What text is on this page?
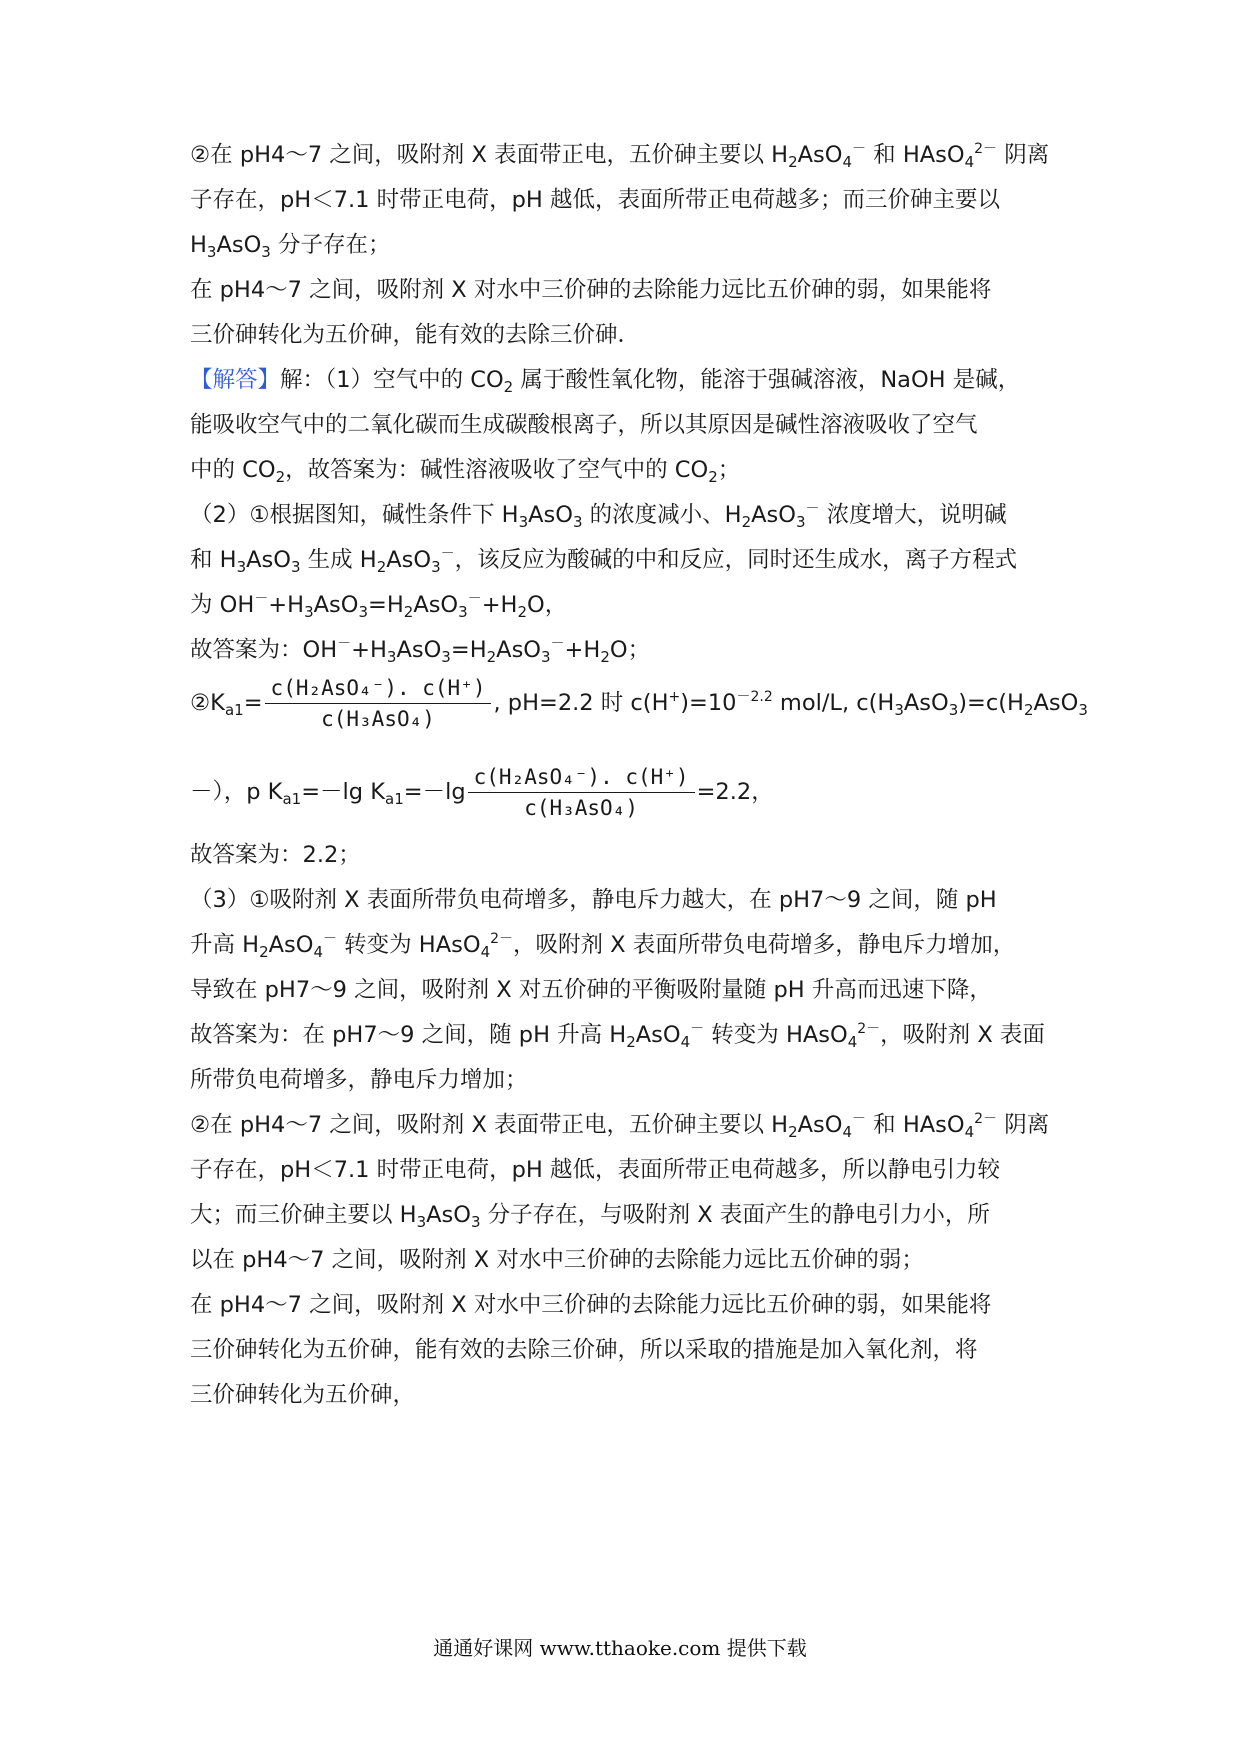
②在 pH4～7 之间，吸附剂 X 表面带正电，五价砷主要以 $H_2AsO_4^-$ 和 HAsO$_4^{2-}$ 阴离
子存在，pH＜7.1 时带正电荷，pH 越低，表面所带正电荷越多；而三价砷主要以
$H_3AsO_3$ 分子存在；
在 pH4～7 之间，吸附剂 X 对水中三价砷的去除能力远比五价砷的弱，如果能将
三价砷转化为五价砷，能有效的去除三价砷．
【解答】解：（1）空气中的 $CO_2$ 属于酸性氧化物，能溶于强碱溶液，NaOH 是碱，
能吸收空气中的二氧化碳而生成碳酸根离子，所以其原因是碱性溶液吸收了空气
中的 $CO_2$，故答案为：碱性溶液吸收了空气中的 $CO_2$；
（2）①根据图知，碱性条件下 $H_3AsO_3$ 的浓度减小、$H_2AsO_3^-$ 浓度增大，说明碱
和 $H_3AsO_3$ 生成 $H_2AsO_3^-$，该反应为酸碱的中和反应，同时还生成水，离子方程式
为 $OH^-+H_3AsO_3=H_2AsO_3^-+H_2O$，
故答案为：$OH^-+H_3AsO_3=H_2AsO_3^-+H_2O$；
$②K_{a1}= \frac{\text{c(H₂AsO₄⁻). c(H⁺)}}{\text{c(H₃AsO₄)}}$ , pH=2.2 时 $c(H^+)=10^{-2.2}$ mol/L, $c(H_3AsO_3)=c(H_2AsO_3$
－），p $K_{a1}=-\lg$ $K_{a1}=-\lg \frac{\text{c(H₂AsO₄⁻). c(H⁺)}}{\text{c(H₃AsO₄)}} =2.2$，
故答案为：2.2；
（3）①吸附剂 X 表面所带负电荷增多，静电斥力越大，在 pH7～9 之间，随 pH
升高 $H_2AsO_4^-$ 转变为 HAsO$_4^{2-}$，吸附剂 X 表面所带负电荷增多，静电斥力增加，
导致在 pH7～9 之间，吸附剂 X 对五价砷的平衡吸附量随 pH 升高而迅速下降，
故答案为：在 pH7～9 之间，随 pH 升高 $H_2AsO_4^-$ 转变为 HAsO$_4^{2-}$，吸附剂 X 表面
所带负电荷增多，静电斥力增加；
②在 pH4～7 之间，吸附剂 X 表面带正电，五价砷主要以 $H_2AsO_4^-$ 和 HAsO$_4^{2-}$ 阴离
子存在，pH＜7.1 时带正电荷，pH 越低，表面所带正电荷越多，所以静电引力较
大；而三价砷主要以 $H_3AsO_3$ 分子存在，与吸附剂 X 表面产生的静电引力小，所
以在 pH4～7 之间，吸附剂 X 对水中三价砷的去除能力远比五价砷的弱；
在 pH4～7 之间，吸附剂 X 对水中三价砷的去除能力远比五价砷的弱，如果能将
三价砷转化为五价砷，能有效的去除三价砷，所以采取的措施是加入氧化剂，将
三价砷转化为五价砷，
通通好课网 www.tthaoke.com 提供下载
